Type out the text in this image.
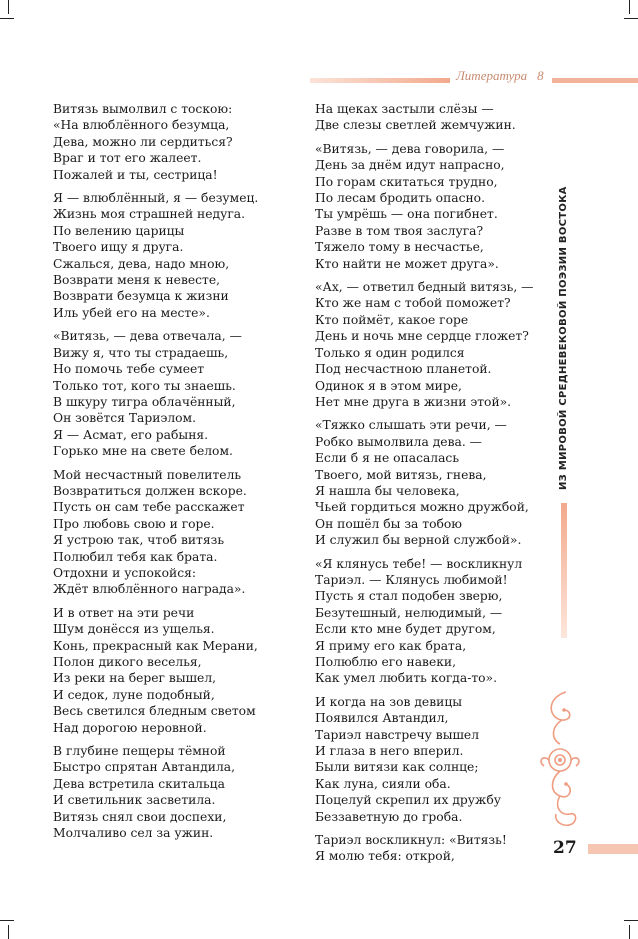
Литература 8
Витязь вымолвил с тоскою:
«На влюблённого безумца,
Дева, можно ли сердиться?
Враг и тот его жалеет.
Пожалей и ты, сестрица!
Я — влюблённый, я — безумец.
Жизнь моя страшней недуга.
По велению царицы
Твоего ищу я друга.
Сжалься, дева, надо мною,
Возврати меня к невесте,
Возврати безумца к жизни
Иль убей его на месте».
«Витязь, — дева отвечала, —
Вижу я, что ты страдаешь,
Но помочь тебе сумеет
Только тот, кого ты знаешь.
В шкуру тигра облачённый,
Он зовётся Тариэлом.
Я — Асмат, его рабыня.
Горько мне на свете белом.
Мой несчастный повелитель
Возвратиться должен вскоре.
Пусть он сам тебе расскажет
Про любовь свою и горе.
Я устрою так, чтоб витязь
Полюбил тебя как брата.
Отдохни и успокойся:
Ждёт влюблённого награда».
И в ответ на эти речи
Шум донёсся из ущелья.
Конь, прекрасный как Мерани,
Полон дикого веселья,
Из реки на берег вышел,
И седок, луне подобный,
Весь светился бледным светом
Над дорогою неровной.
В глубине пещеры тёмной
Быстро спрятан Автандила,
Дева встретила скитальца
И светильник засветила.
Витязь снял свои доспехи,
Молчаливо сел за ужин.
На щеках застыли слёзы —
Две слезы светлей жемчужин.
«Витязь, — дева говорила, —
День за днём идут напрасно,
По горам скитаться трудно,
По лесам бродить опасно.
Ты умрёшь — она погибнет.
Разве в том твоя заслуга?
Тяжело тому в несчастье,
Кто найти не может друга».
«Ах, — ответил бедный витязь, —
Кто же нам с тобой поможет?
Кто поймёт, какое горе
День и ночь мне сердце гложет?
Только я один родился
Под несчастною планетой.
Одинок я в этом мире,
Нет мне друга в жизни этой».
«Тяжко слышать эти речи, —
Робко вымолвила дева. —
Если б я не опасалась
Твоего, мой витязь, гнева,
Я нашла бы человека,
Чьей гордиться можно дружбой,
Он пошёл бы за тобою
И служил бы верной службой».
«Я клянусь тебе! — воскликнул
Тариэл. — Клянусь любимой!
Пусть я стал подобен зверю,
Безутешный, нелюдимый, —
Если кто мне будет другом,
Я приму его как брата,
Полюблю его навеки,
Как умел любить когда-то».
И когда на зов девицы
Появился Автандил,
Тариэл навстречу вышел
И глаза в него вперил.
Были витязи как солнце;
Как луна, сияли оба.
Поцелуй скрепил их дружбу
Беззаветную до гроба.
Тариэл воскликнул: «Витязь!
Я молю тебя: открой,
ИЗ МИРОВОЙ СРЕДНЕВЕКОВОЙ ПОЭЗИИ ВОСТОКА
27
